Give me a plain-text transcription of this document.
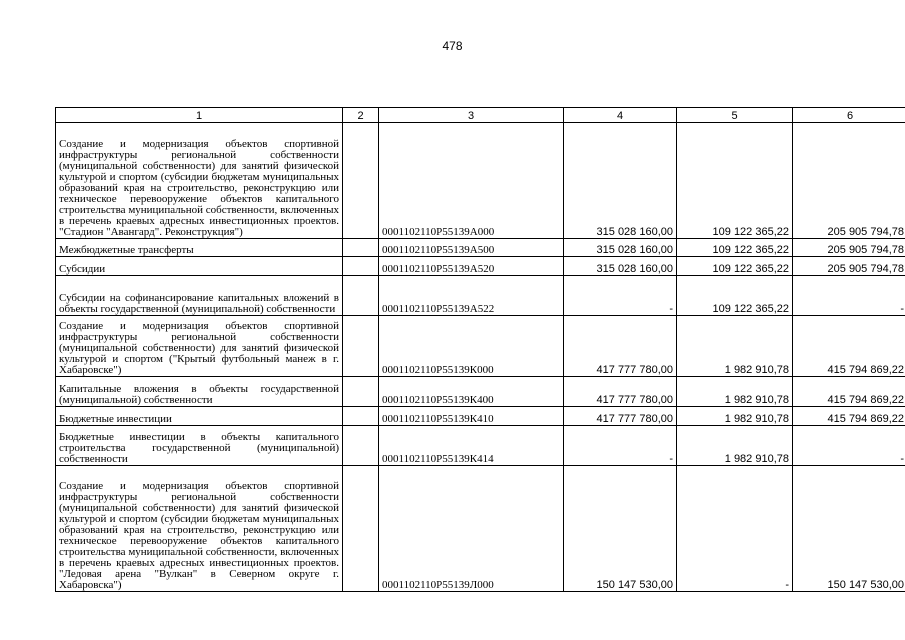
478
1	2	3	4	5	6
Создание и модернизация объектов спортивной инфраструктуры региональной собственности (муниципальной собственности) для занятий физической культурой и спортом (субсидии бюджетам муниципальных образований края на строительство, реконструкцию или техническое перевооружение объектов капитального строительства муниципальной собственности, включенных в перечень краевых адресных инвестиционных проектов. "Стадион "Авангард". Реконструкция")		0001102110Р55139А000	315 028 160,00	109 122 365,22	205 905 794,78
Межбюджетные трансферты		0001102110Р55139А500	315 028 160,00	109 122 365,22	205 905 794,78
Субсидии		0001102110Р55139А520	315 028 160,00	109 122 365,22	205 905 794,78
Субсидии на софинансирование капитальных вложений в объекты государственной (муниципальной) собственности		0001102110Р55139А522	-	109 122 365,22	-
Создание и модернизация объектов спортивной инфраструктуры региональной собственности (муниципальной собственности) для занятий физической культурой и спортом ("Крытый футбольный манеж в г. Хабаровске")		0001102110Р55139К000	417 777 780,00	1 982 910,78	415 794 869,22
Капитальные вложения в объекты государственной (муниципальной) собственности		0001102110Р55139К400	417 777 780,00	1 982 910,78	415 794 869,22
Бюджетные инвестиции		0001102110Р55139К410	417 777 780,00	1 982 910,78	415 794 869,22
Бюджетные инвестиции в объекты капитального строительства государственной (муниципальной) собственности		0001102110Р55139К414	-	1 982 910,78	-
Создание и модернизация объектов спортивной инфраструктуры региональной собственности (муниципальной собственности) для занятий физической культурой и спортом (субсидии бюджетам муниципальных образований края на строительство, реконструкцию или техническое перевооружение объектов капитального строительства муниципальной собственности, включенных в перечень краевых адресных инвестиционных проектов. "Ледовая арена "Вулкан" в Северном округе г. Хабаровска")		0001102110Р55139Л000	150 147 530,00	-	150 147 530,00
